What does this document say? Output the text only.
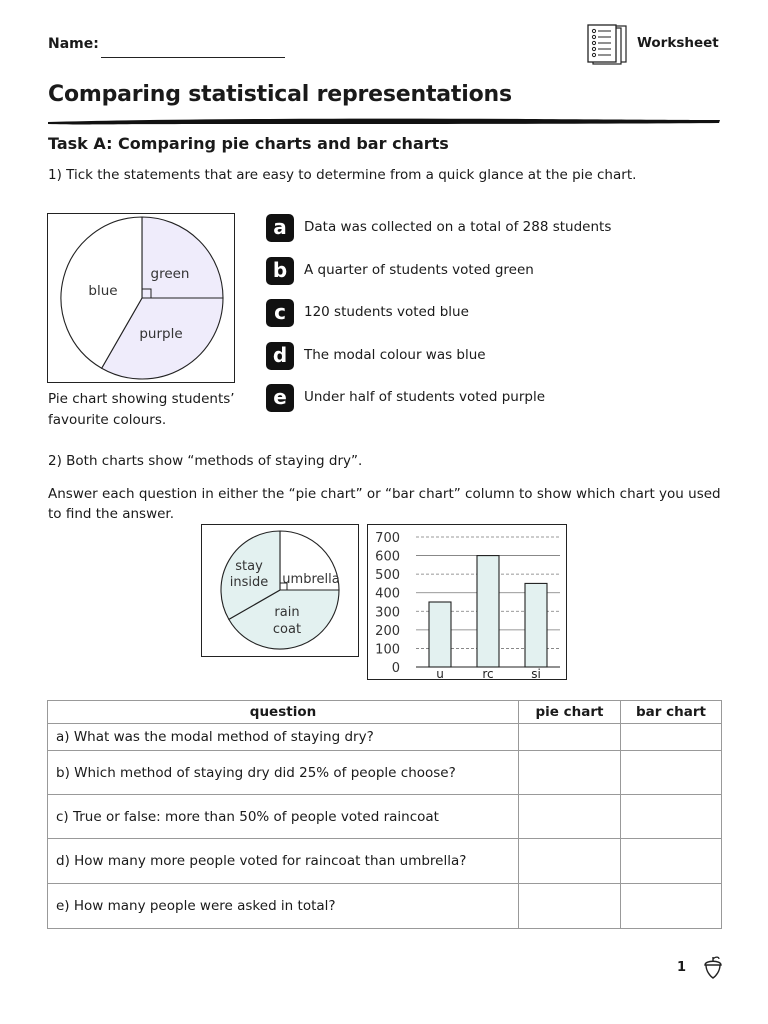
Name:	Worksheet
Comparing statistical representations
Task A: Comparing pie charts and bar charts
1) Tick the statements that are easy to determine from a quick glance at the pie chart.
green
blue
purple
Pie chart showing students’ favourite colours.
a	Data was collected on a total of 288 students
b	A quarter of students voted green
c	120 students voted blue
d	The modal colour was blue
e	Under half of students voted purple
2) Both charts show “methods of staying dry”.
Answer each question in either the “pie chart” or “bar chart” column to show which chart you used to find the answer.
stay
inside umbrella
rain
coat
0
100
200
300
400
500
600
700
u	rc	si
question	pie chart	bar chart
a) What was the modal method of staying dry?		
b) Which method of staying dry did 25% of people choose?		
c) True or false: more than 50% of people voted raincoat		
d) How many more people voted for raincoat than umbrella?		
e) How many people were asked in total?		
1
